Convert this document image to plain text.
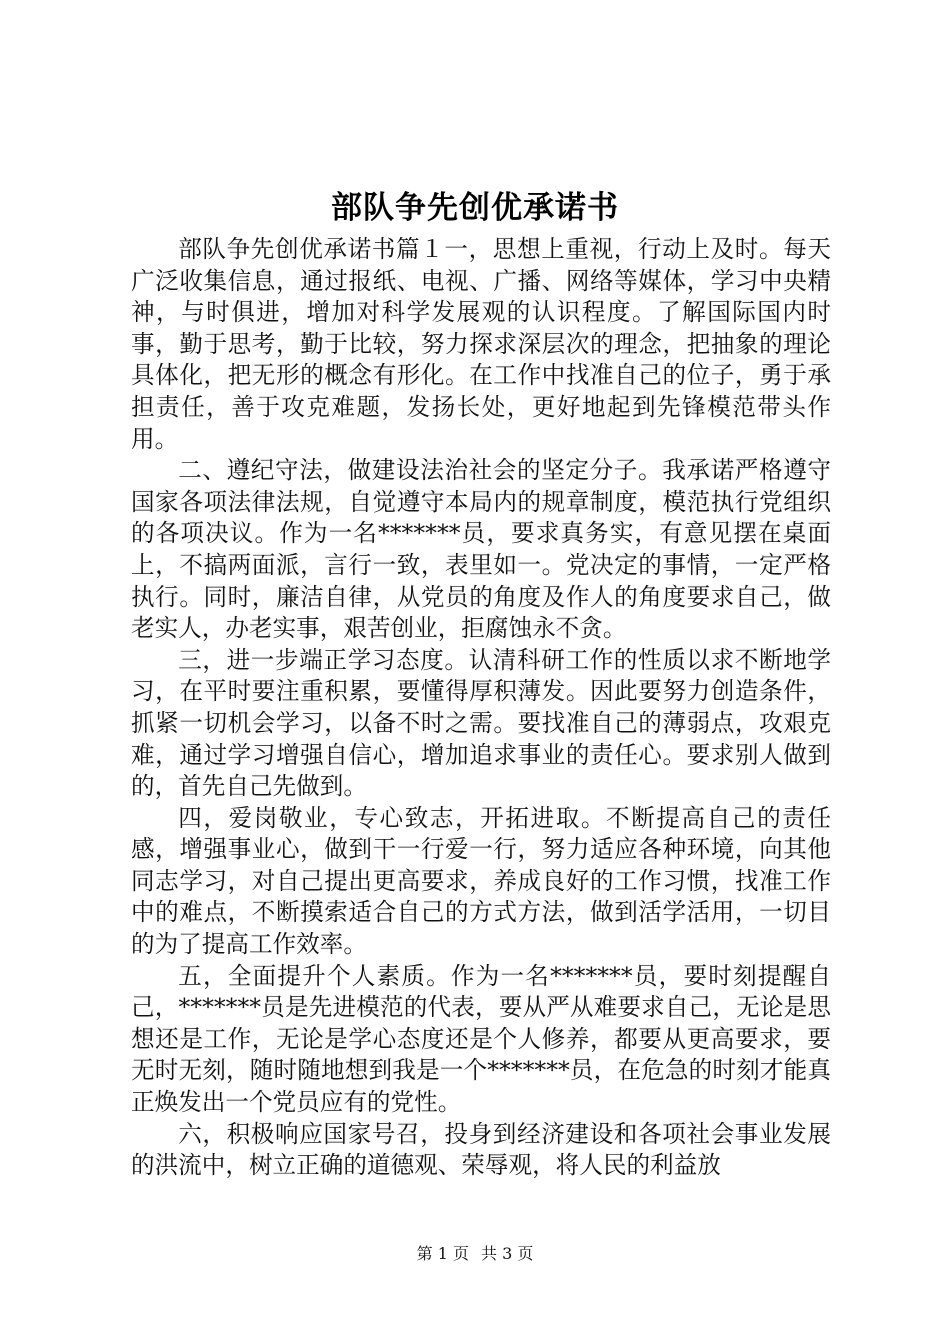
部队争先创优承诺书

部队争先创优承诺书篇１一，思想上重视，行动上及时。每天广泛收集信息，通过报纸、电视、广播、网络等媒体，学习中央精神，与时俱进，增加对科学发展观的认识程度。了解国际国内时事，勤于思考，勤于比较，努力探求深层次的理念，把抽象的理论具体化，把无形的概念有形化。在工作中找准自己的位子，勇于承担责任，善于攻克难题，发扬长处，更好地起到先锋模范带头作用。

二、遵纪守法，做建设法治社会的坚定分子。我承诺严格遵守国家各项法律法规，自觉遵守本局内的规章制度，模范执行党组织的各项决议。作为一名*******员，要求真务实，有意见摆在桌面上，不搞两面派，言行一致，表里如一。党决定的事情，一定严格执行。同时，廉洁自律，从党员的角度及作人的角度要求自己，做老实人，办老实事，艰苦创业，拒腐蚀永不贪。

三，进一步端正学习态度。认清科研工作的性质以求不断地学习，在平时要注重积累，要懂得厚积薄发。因此要努力创造条件，抓紧一切机会学习，以备不时之需。要找准自己的薄弱点，攻艰克难，通过学习增强自信心，增加追求事业的责任心。要求别人做到的，首先自己先做到。

四，爱岗敬业，专心致志，开拓进取。不断提高自己的责任感，增强事业心，做到干一行爱一行，努力适应各种环境，向其他同志学习，对自己提出更高要求，养成良好的工作习惯，找准工作中的难点，不断摸索适合自己的方式方法，做到活学活用，一切目的为了提高工作效率。

五，全面提升个人素质。作为一名*******员，要时刻提醒自己，*******员是先进模范的代表，要从严从难要求自己，无论是思想还是工作，无论是学心态度还是个人修养，都要从更高要求，要无时无刻，随时随地想到我是一个*******员，在危急的时刻才能真正焕发出一个党员应有的党性。

六，积极响应国家号召，投身到经济建设和各项社会事业发展的洪流中，树立正确的道德观、荣辱观，将人民的利益放

第 1 页 共 3 页
